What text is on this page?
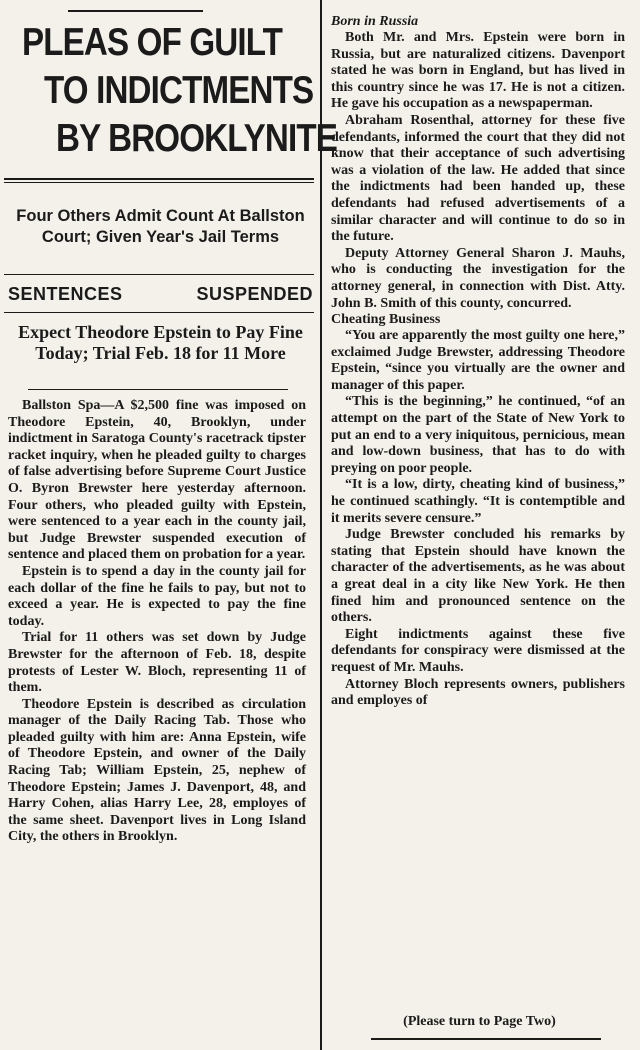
PLEAS OF GUILT
TO INDICTMENTS
BY BROOKLYNITE
Four Others Admit Count At Ballston Court; Given Year's Jail Terms
SENTENCES	SUSPENDED
Expect Theodore Epstein to Pay Fine Today; Trial Feb. 18 for 11 More

Ballston Spa—A $2,500 fine was imposed on Theodore Epstein, 40, Brooklyn, under indictment in Saratoga County's racetrack tipster racket inquiry, when he pleaded guilty to charges of false advertising before Supreme Court Justice O. Byron Brewster here yesterday afternoon. Four others, who pleaded guilty with Epstein, were sentenced to a year each in the county jail, but Judge Brewster suspended execution of sentence and placed them on probation for a year.

Epstein is to spend a day in the county jail for each dollar of the fine he fails to pay, but not to exceed a year. He is expected to pay the fine today.

Trial for 11 others was set down by Judge Brewster for the afternoon of Feb. 18, despite protests of Lester W. Bloch, representing 11 of them.

Theodore Epstein is described as circulation manager of the Daily Racing Tab. Those who pleaded guilty with him are: Anna Epstein, wife of Theodore Epstein, and owner of the Daily Racing Tab; William Epstein, 25, nephew of Theodore Epstein; James J. Davenport, 48, and Harry Cohen, alias Harry Lee, 28, employes of the same sheet. Davenport lives in Long Island City, the others in Brooklyn.

Born in Russia

Both Mr. and Mrs. Epstein were born in Russia, but are naturalized citizens. Davenport stated he was born in England, but has lived in this country since he was 17. He is not a citizen. He gave his occupation as a newspaperman.

Abraham Rosenthal, attorney for these five defendants, informed the court that they did not know that their acceptance of such advertising was a violation of the law. He added that since the indictments had been handed up, these defendants had refused advertisements of a similar character and will continue to do so in the future.

Deputy Attorney General Sharon J. Mauhs, who is conducting the investigation for the attorney general, in connection with Dist. Atty. John B. Smith of this county, concurred.

Cheating Business

“You are apparently the most guilty one here,” exclaimed Judge Brewster, addressing Theodore Epstein, “since you virtually are the owner and manager of this paper.

“This is the beginning,” he continued, “of an attempt on the part of the State of New York to put an end to a very iniquitous, pernicious, mean and low-down business, that has to do with preying on poor people.

“It is a low, dirty, cheating kind of business,” he continued scathingly. “It is contemptible and it merits severe censure.”

Judge Brewster concluded his remarks by stating that Epstein should have known the character of the advertisements, as he was about a great deal in a city like New York. He then fined him and pronounced sentence on the others.

Eight indictments against these five defendants for conspiracy were dismissed at the request of Mr. Mauhs.

Attorney Bloch represents owners, publishers and employes of

(Please turn to Page Two)
